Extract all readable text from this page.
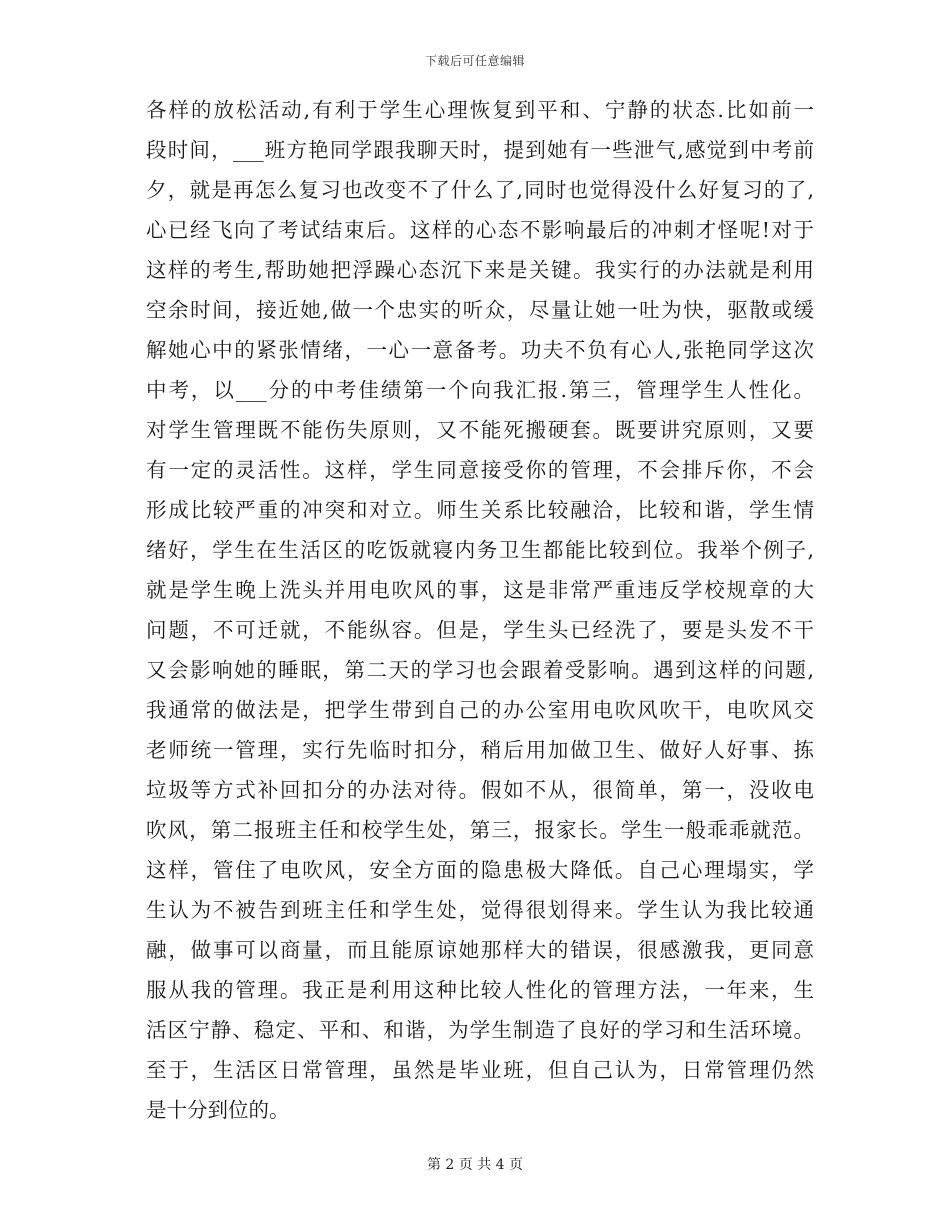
下载后可任意编辑
各样的放松活动,有利于学生心理恢复到平和、宁静的状态.比如前一
段时间，___班方艳同学跟我聊天时，提到她有一些泄气,感觉到中考前
夕，就是再怎么复习也改变不了什么了,同时也觉得没什么好复习的了,
心已经飞向了考试结束后。这样的心态不影响最后的冲刺才怪呢!对于
这样的考生,帮助她把浮躁心态沉下来是关键。我实行的办法就是利用
空余时间，接近她,做一个忠实的听众，尽量让她一吐为快，驱散或缓
解她心中的紧张情绪，一心一意备考。功夫不负有心人,张艳同学这次
中考，以___分的中考佳绩第一个向我汇报.第三，管理学生人性化。
对学生管理既不能伤失原则，又不能死搬硬套。既要讲究原则，又要
有一定的灵活性。这样，学生同意接受你的管理，不会排斥你，不会
形成比较严重的冲突和对立。师生关系比较融洽，比较和谐，学生情
绪好，学生在生活区的吃饭就寝内务卫生都能比较到位。我举个例子,
就是学生晚上洗头并用电吹风的事，这是非常严重违反学校规章的大
问题，不可迁就，不能纵容。但是，学生头已经洗了，要是头发不干
又会影响她的睡眠，第二天的学习也会跟着受影响。遇到这样的问题,
我通常的做法是，把学生带到自己的办公室用电吹风吹干，电吹风交
老师统一管理，实行先临时扣分，稍后用加做卫生、做好人好事、拣
垃圾等方式补回扣分的办法对待。假如不从，很简单，第一，没收电
吹风，第二报班主任和校学生处，第三，报家长。学生一般乖乖就范。
这样，管住了电吹风，安全方面的隐患极大降低。自己心理塌实，学
生认为不被告到班主任和学生处，觉得很划得来。学生认为我比较通
融，做事可以商量，而且能原谅她那样大的错误，很感激我，更同意
服从我的管理。我正是利用这种比较人性化的管理方法，一年来，生
活区宁静、稳定、平和、和谐，为学生制造了良好的学习和生活环境。
至于，生活区日常管理，虽然是毕业班，但自己认为，日常管理仍然
是十分到位的。
第 2 页 共 4 页
